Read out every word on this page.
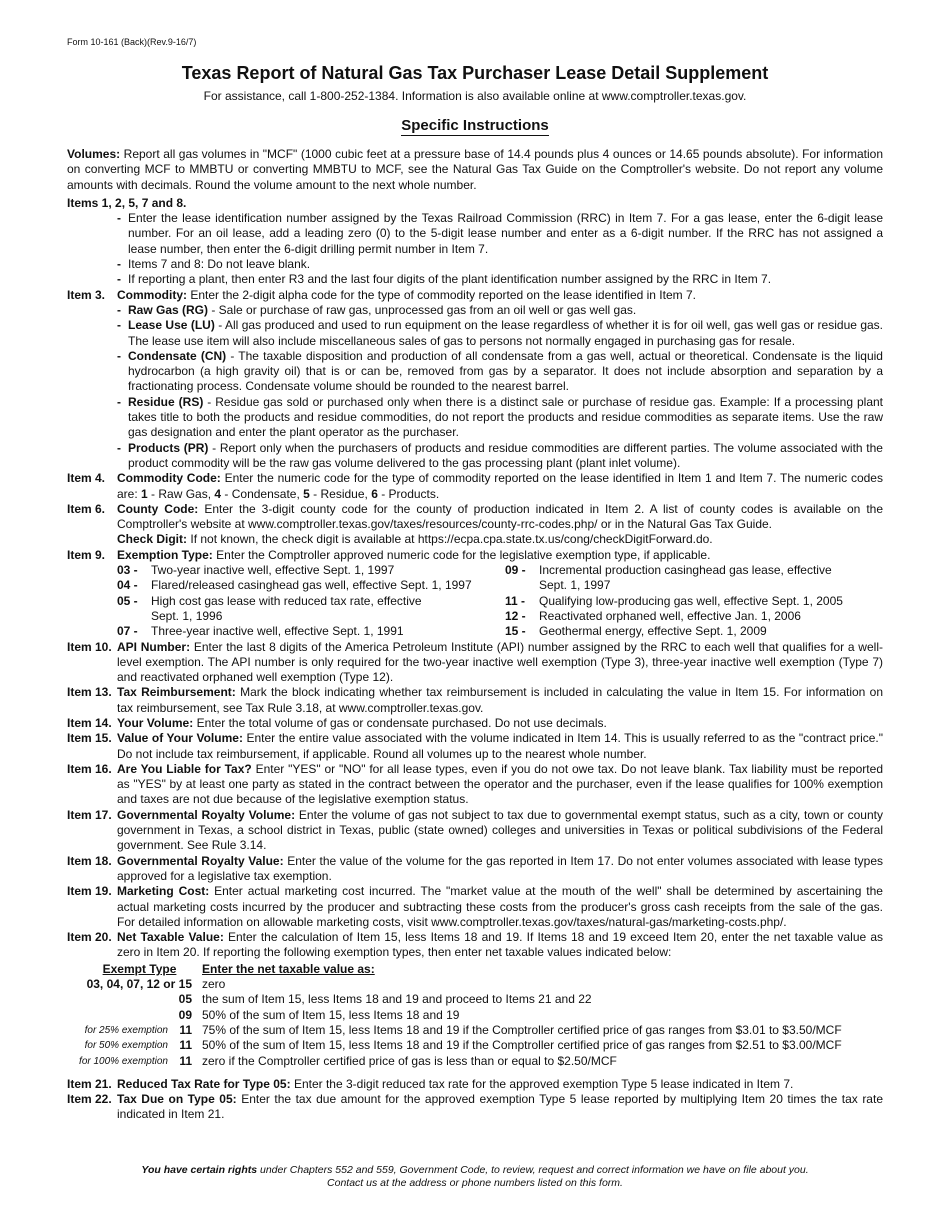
Form 10-161 (Back)(Rev.9-16/7)
Texas Report of Natural Gas Tax Purchaser Lease Detail Supplement
For assistance, call 1-800-252-1384. Information is also available online at www.comptroller.texas.gov.
Specific Instructions

Volumes: Report all gas volumes in "MCF" (1000 cubic feet at a pressure base of 14.4 pounds plus 4 ounces or 14.65 pounds absolute). For information on converting MCF to MMBTU or converting MMBTU to MCF, see the Natural Gas Tax Guide on the Comptroller's website. Do not report any volume amounts with decimals. Round the volume amount to the next whole number.

Items 1, 2, 5, 7 and 8.
- Enter the lease identification number assigned by the Texas Railroad Commission (RRC) in Item 7. For a gas lease, enter the 6-digit lease number. For an oil lease, add a leading zero (0) to the 5-digit lease number and enter as a 6-digit number. If the RRC has not assigned a lease number, then enter the 6-digit drilling permit number in Item 7.
- Items 7 and 8: Do not leave blank.
- If reporting a plant, then enter R3 and the last four digits of the plant identification number assigned by the RRC in Item 7.
Item 3. Commodity: Enter the 2-digit alpha code for the type of commodity reported on the lease identified in Item 7.
- Raw Gas (RG) - Sale or purchase of raw gas, unprocessed gas from an oil well or gas well gas.
- Lease Use (LU) - All gas produced and used to run equipment on the lease regardless of whether it is for oil well, gas well gas or residue gas. The lease use item will also include miscellaneous sales of gas to persons not normally engaged in purchasing gas for resale.
- Condensate (CN) - The taxable disposition and production of all condensate from a gas well, actual or theoretical. Condensate is the liquid hydrocarbon (a high gravity oil) that is or can be, removed from gas by a separator. It does not include absorption and separation by a fractionating process. Condensate volume should be rounded to the nearest barrel.
- Residue (RS) - Residue gas sold or purchased only when there is a distinct sale or purchase of residue gas. Example: If a processing plant takes title to both the products and residue commodities, do not report the products and residue commodities as separate items. Use the raw gas designation and enter the plant operator as the purchaser.
- Products (PR) - Report only when the purchasers of products and residue commodities are different parties. The volume associated with the product commodity will be the raw gas volume delivered to the gas processing plant (plant inlet volume).
Item 4. Commodity Code: Enter the numeric code for the type of commodity reported on the lease identified in Item 1 and Item 7. The numeric codes are: 1 - Raw Gas, 4 - Condensate, 5 - Residue, 6 - Products.
Item 6. County Code: Enter the 3-digit county code for the county of production indicated in Item 2. A list of county codes is available on the Comptroller's website at www.comptroller.texas.gov/taxes/resources/county-rrc-codes.php/ or in the Natural Gas Tax Guide.
Check Digit: If not known, the check digit is available at https://ecpa.cpa.state.tx.us/cong/checkDigitForward.do.
Item 9. Exemption Type: Enter the Comptroller approved numeric code for the legislative exemption type, if applicable.
03 -	Two-year inactive well, effective Sept. 1, 1997
04 -	Flared/released casinghead gas well, effective Sept. 1, 1997
05 -	High cost gas lease with reduced tax rate, effective Sept. 1, 1996
07 -	Three-year inactive well, effective Sept. 1, 1991
09 -	Incremental production casinghead gas lease, effective Sept. 1, 1997
11 -	Qualifying low-producing gas well, effective Sept. 1, 2005
12 -	Reactivated orphaned well, effective Jan. 1, 2006
15 -	Geothermal energy, effective Sept. 1, 2009
Item 10. API Number: Enter the last 8 digits of the America Petroleum Institute (API) number assigned by the RRC to each well that qualifies for a well-level exemption. The API number is only required for the two-year inactive well exemption (Type 3), three-year inactive well exemption (Type 7) and reactivated orphaned well exemption (Type 12).
Item 13. Tax Reimbursement: Mark the block indicating whether tax reimbursement is included in calculating the value in Item 15. For information on tax reimbursement, see Tax Rule 3.18, at www.comptroller.texas.gov.
Item 14. Your Volume: Enter the total volume of gas or condensate purchased. Do not use decimals.
Item 15. Value of Your Volume: Enter the entire value associated with the volume indicated in Item 14. This is usually referred to as the "contract price." Do not include tax reimbursement, if applicable. Round all volumes up to the nearest whole number.
Item 16. Are You Liable for Tax? Enter "YES" or "NO" for all lease types, even if you do not owe tax. Do not leave blank. Tax liability must be reported as "YES" by at least one party as stated in the contract between the operator and the purchaser, even if the lease qualifies for 100% exemption and taxes are not due because of the legislative exemption status.
Item 17. Governmental Royalty Volume: Enter the volume of gas not subject to tax due to governmental exempt status, such as a city, town or county government in Texas, a school district in Texas, public (state owned) colleges and universities in Texas or political subdivisions of the Federal government. See Rule 3.14.
Item 18. Governmental Royalty Value: Enter the value of the volume for the gas reported in Item 17. Do not enter volumes associated with lease types approved for a legislative tax exemption.
Item 19. Marketing Cost: Enter actual marketing cost incurred. The "market value at the mouth of the well" shall be determined by ascertaining the actual marketing costs incurred by the producer and subtracting these costs from the producer's gross cash receipts from the sale of the gas. For detailed information on allowable marketing costs, visit www.comptroller.texas.gov/taxes/natural-gas/marketing-costs.php/.
Item 20. Net Taxable Value: Enter the calculation of Item 15, less Items 18 and 19. If Items 18 and 19 exceed Item 20, enter the net taxable value as zero in Item 20. If reporting the following exemption types, then enter net taxable values indicated below:
Exempt Type	Enter the net taxable value as:
03, 04, 07, 12 or 15 zero
05 the sum of Item 15, less Items 18 and 19 and proceed to Items 21 and 22
09 50% of the sum of Item 15, less Items 18 and 19
for 25% exemption 11 75% of the sum of Item 15, less Items 18 and 19 if the Comptroller certified price of gas ranges from $3.01 to $3.50/MCF
for 50% exemption 11 50% of the sum of Item 15, less Items 18 and 19 if the Comptroller certified price of gas ranges from $2.51 to $3.00/MCF
for 100% exemption 11 zero if the Comptroller certified price of gas is less than or equal to $2.50/MCF
Item 21. Reduced Tax Rate for Type 05: Enter the 3-digit reduced tax rate for the approved exemption Type 5 lease indicated in Item 7.
Item 22. Tax Due on Type 05: Enter the tax due amount for the approved exemption Type 5 lease reported by multiplying Item 20 times the tax rate indicated in Item 21.
You have certain rights under Chapters 552 and 559, Government Code, to review, request and correct information we have on file about you.
Contact us at the address or phone numbers listed on this form.
